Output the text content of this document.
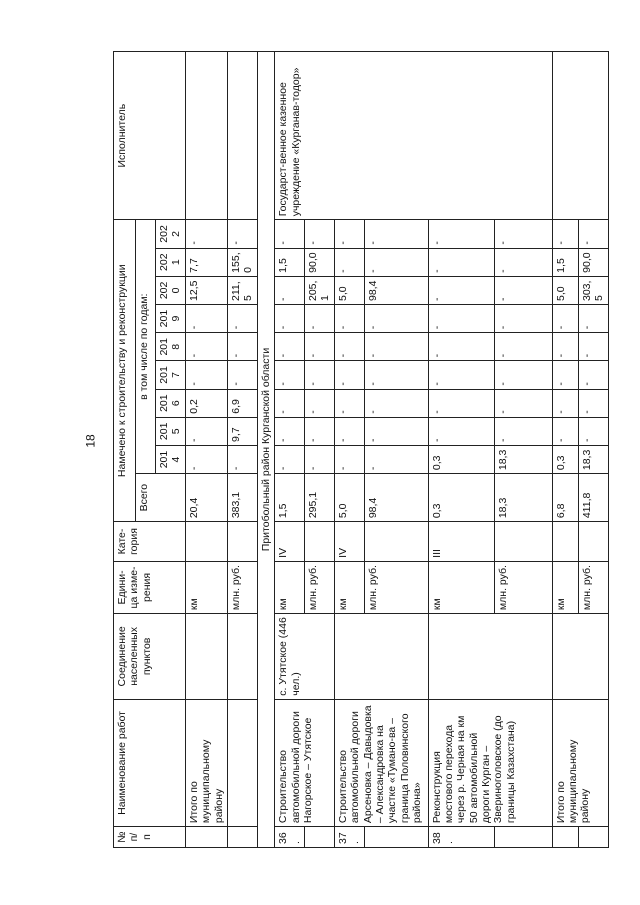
18
№ п/п	Наименование работ	Соединение населенных пунктов	Едини-ца изме-рения	Кате-гория	Намечено к строительству и реконструкции										Исполнитель
					Всего	в том числе по годам:									
						2014	2015	2016	2017	2018	2019	2020	2021	2022	
	Итого по муниципальному району		км		20,4	-	-	0,2	-	-	-	12,5	7,7	-	
			млн. руб.		383,1	-	9,7	6,9	-	-	-	211,5	155,0	-	
Притобольный район Курганской области															
36.	Строительство автомобильной дороги Нагорское – Утятское	с. Утятское (446 чел.)	км	IV	1,5	-	-	-	-	-	-	-	1,5	-	Государст-венное казенное учреждение «Курганав-тодор»
			млн. руб.		295,1	-	-	-	-	-	-	205,1	90,0	-	
37.	Строительство автомобильной дороги Арсеновка – Давыдовка – Александровка на участке «Тумано-ва – граница Половинского района»		км	IV	5,0	-	-	-	-	-	-	5,0	-	-	
			млн. руб.		98,4	-	-	-	-	-	-	98,4	-	-	
38.	Реконструкция мостового перехода через р. Черная на км 50 автомобильной дороги Курган – Звериноголовское (до границы Казахстана)		км	III	0,3	0,3	-	-	-	-	-	-	-	-	
			млн. руб.		18,3	18,3	-	-	-	-	-	-	-	-	
	Итого по муниципальному району		км		6,8	0,3	-	-	-	-	-	5,0	1,5	-	
			млн. руб.		411,8	18,3	-	-	-	-	-	303,5	90,0	-	
